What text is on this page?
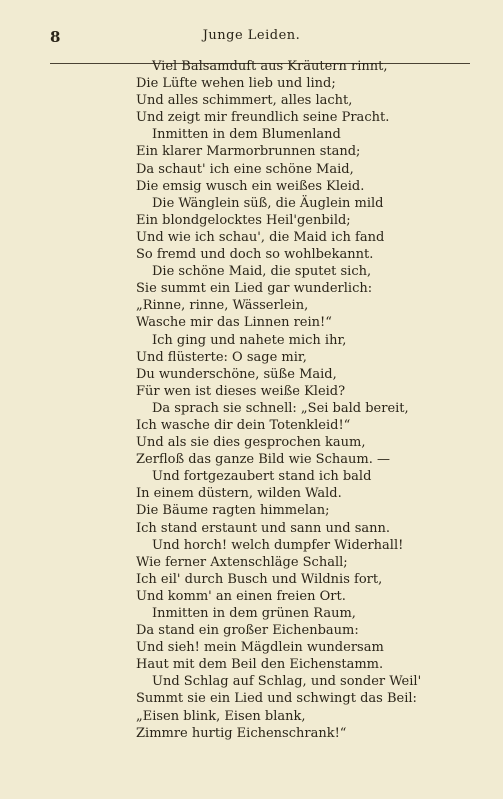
8	Junge Leiden.
Viel Balsamduft aus Kräutern rinnt,
Die Lüfte wehen lieb und lind;
Und alles schimmert, alles lacht,
Und zeigt mir freundlich seine Pracht.
Inmitten in dem Blumenland
Ein klarer Marmorbrunnen stand;
Da schaut' ich eine schöne Maid,
Die emsig wusch ein weißes Kleid.
Die Wänglein süß, die Äuglein mild
Ein blondgelocktes Heil'genbild;
Und wie ich schau', die Maid ich fand
So fremd und doch so wohlbekannt.
Die schöne Maid, die sputet sich,
Sie summt ein Lied gar wunderlich:
„Rinne, rinne, Wässerlein,
Wasche mir das Linnen rein!“
Ich ging und nahete mich ihr,
Und flüsterte: O sage mir,
Du wunderschöne, süße Maid,
Für wen ist dieses weiße Kleid?
Da sprach sie schnell: „Sei bald bereit,
Ich wasche dir dein Totenkleid!“
Und als sie dies gesprochen kaum,
Zerfloß das ganze Bild wie Schaum. —
Und fortgezaubert stand ich bald
In einem düstern, wilden Wald.
Die Bäume ragten himmelan;
Ich stand erstaunt und sann und sann.
Und horch! welch dumpfer Widerhall!
Wie ferner Axtenschläge Schall;
Ich eil' durch Busch und Wildnis fort,
Und komm' an einen freien Ort.
Inmitten in dem grünen Raum,
Da stand ein großer Eichenbaum:
Und sieh! mein Mägdlein wundersam
Haut mit dem Beil den Eichenstamm.
Und Schlag auf Schlag, und sonder Weil'
Summt sie ein Lied und schwingt das Beil:
„Eisen blink, Eisen blank,
Zimmre hurtig Eichenschrank!“
